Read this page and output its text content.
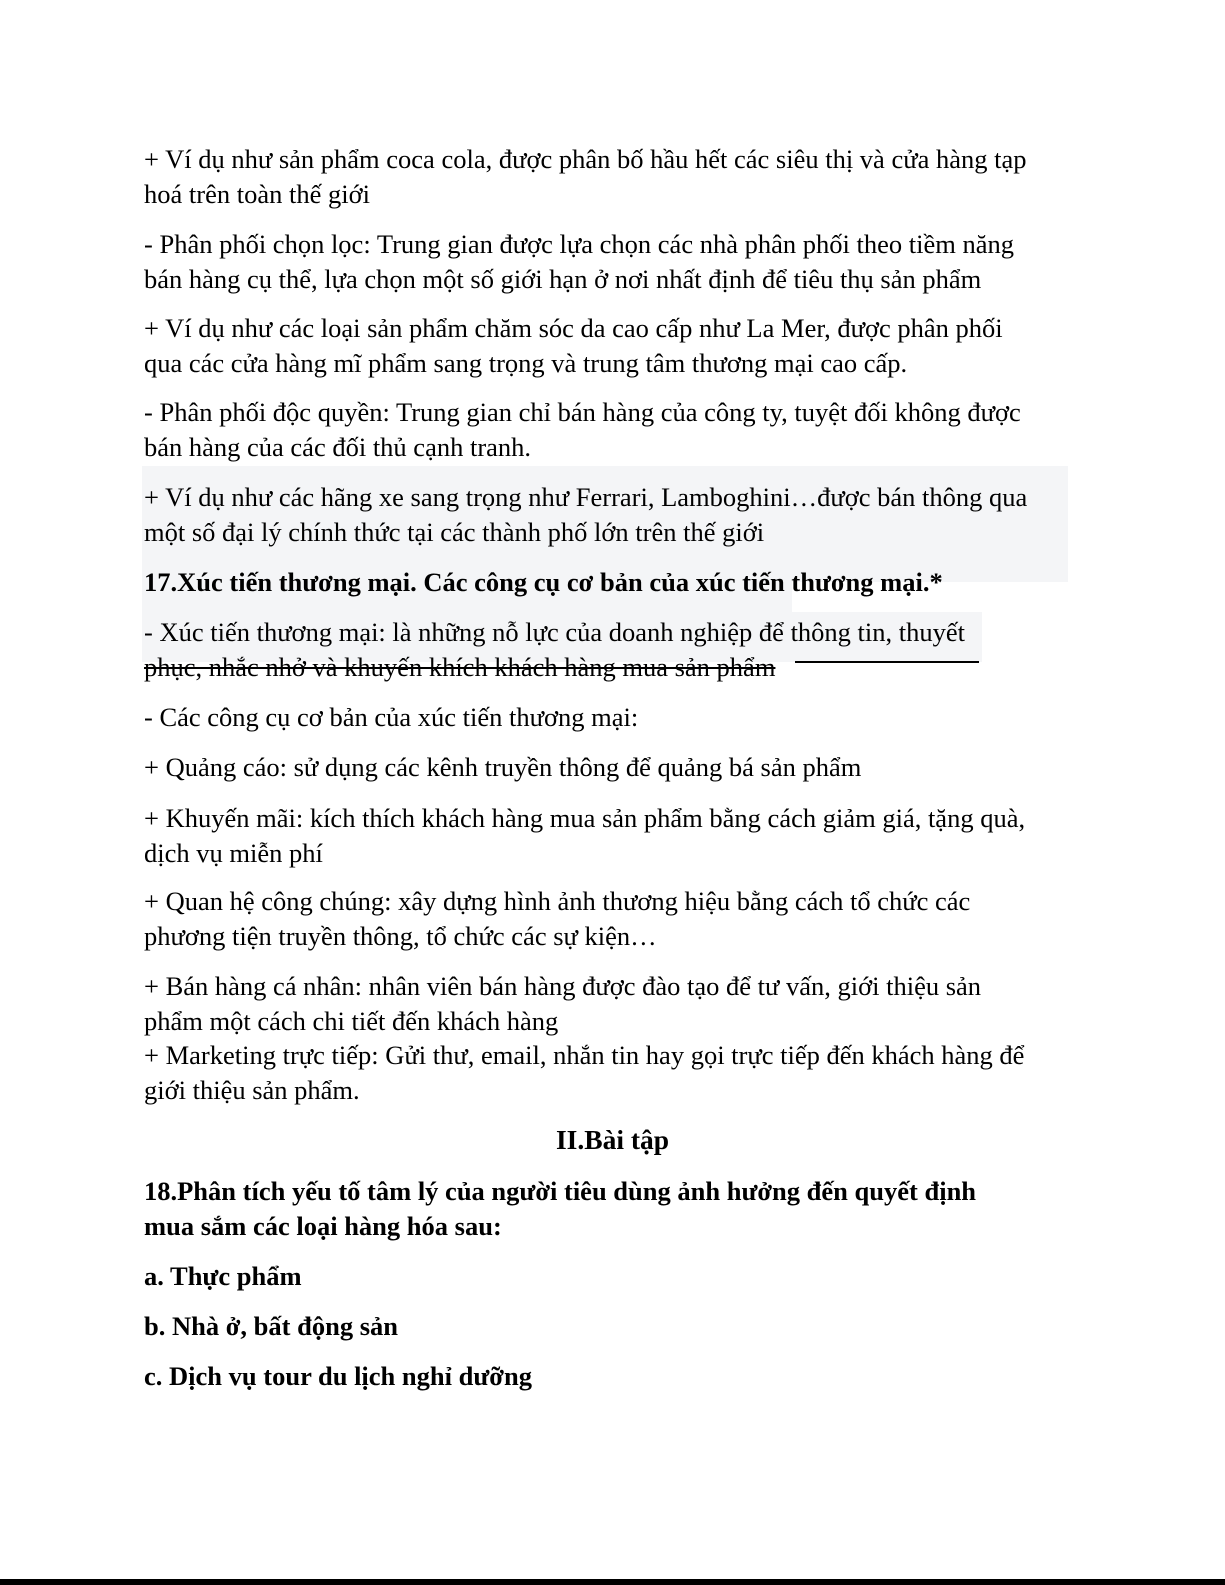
+ Ví dụ như sản phẩm coca cola, được phân bố hầu hết các siêu thị và cửa hàng tạp
hoá trên toàn thế giới

- Phân phối chọn lọc: Trung gian được lựa chọn các nhà phân phối theo tiềm năng
bán hàng cụ thể, lựa chọn một số giới hạn ở nơi nhất định để tiêu thụ sản phẩm

+ Ví dụ như các loại sản phẩm chăm sóc da cao cấp như La Mer, được phân phối
qua các cửa hàng mĩ phẩm sang trọng và trung tâm thương mại cao cấp.

- Phân phối độc quyền: Trung gian chỉ bán hàng của công ty, tuyệt đối không được
bán hàng của các đối thủ cạnh tranh.

+ Ví dụ như các hãng xe sang trọng như Ferrari, Lamboghini…được bán thông qua
một số đại lý chính thức tại các thành phố lớn trên thế giới

17.Xúc tiến thương mại. Các công cụ cơ bản của xúc tiến thương mại.*

- Xúc tiến thương mại: là những nỗ lực của doanh nghiệp để thông tin, thuyết
phục, nhắc nhở và khuyến khích khách hàng mua sản phẩm

- Các công cụ cơ bản của xúc tiến thương mại:

+ Quảng cáo: sử dụng các kênh truyền thông để quảng bá sản phẩm

+ Khuyến mãi: kích thích khách hàng mua sản phẩm bằng cách giảm giá, tặng quà,
dịch vụ miễn phí

+ Quan hệ công chúng: xây dựng hình ảnh thương hiệu bằng cách tổ chức các
phương tiện truyền thông, tổ chức các sự kiện…

+ Bán hàng cá nhân: nhân viên bán hàng được đào tạo để tư vấn, giới thiệu sản
phẩm một cách chi tiết đến khách hàng

+ Marketing trực tiếp: Gửi thư, email, nhắn tin hay gọi trực tiếp đến khách hàng để
giới thiệu sản phẩm.

II.Bài tập

18.Phân tích yếu tố tâm lý của người tiêu dùng ảnh hưởng đến quyết định
mua sắm các loại hàng hóa sau:

a. Thực phẩm

b. Nhà ở, bất động sản

c. Dịch vụ tour du lịch nghỉ dưỡng
